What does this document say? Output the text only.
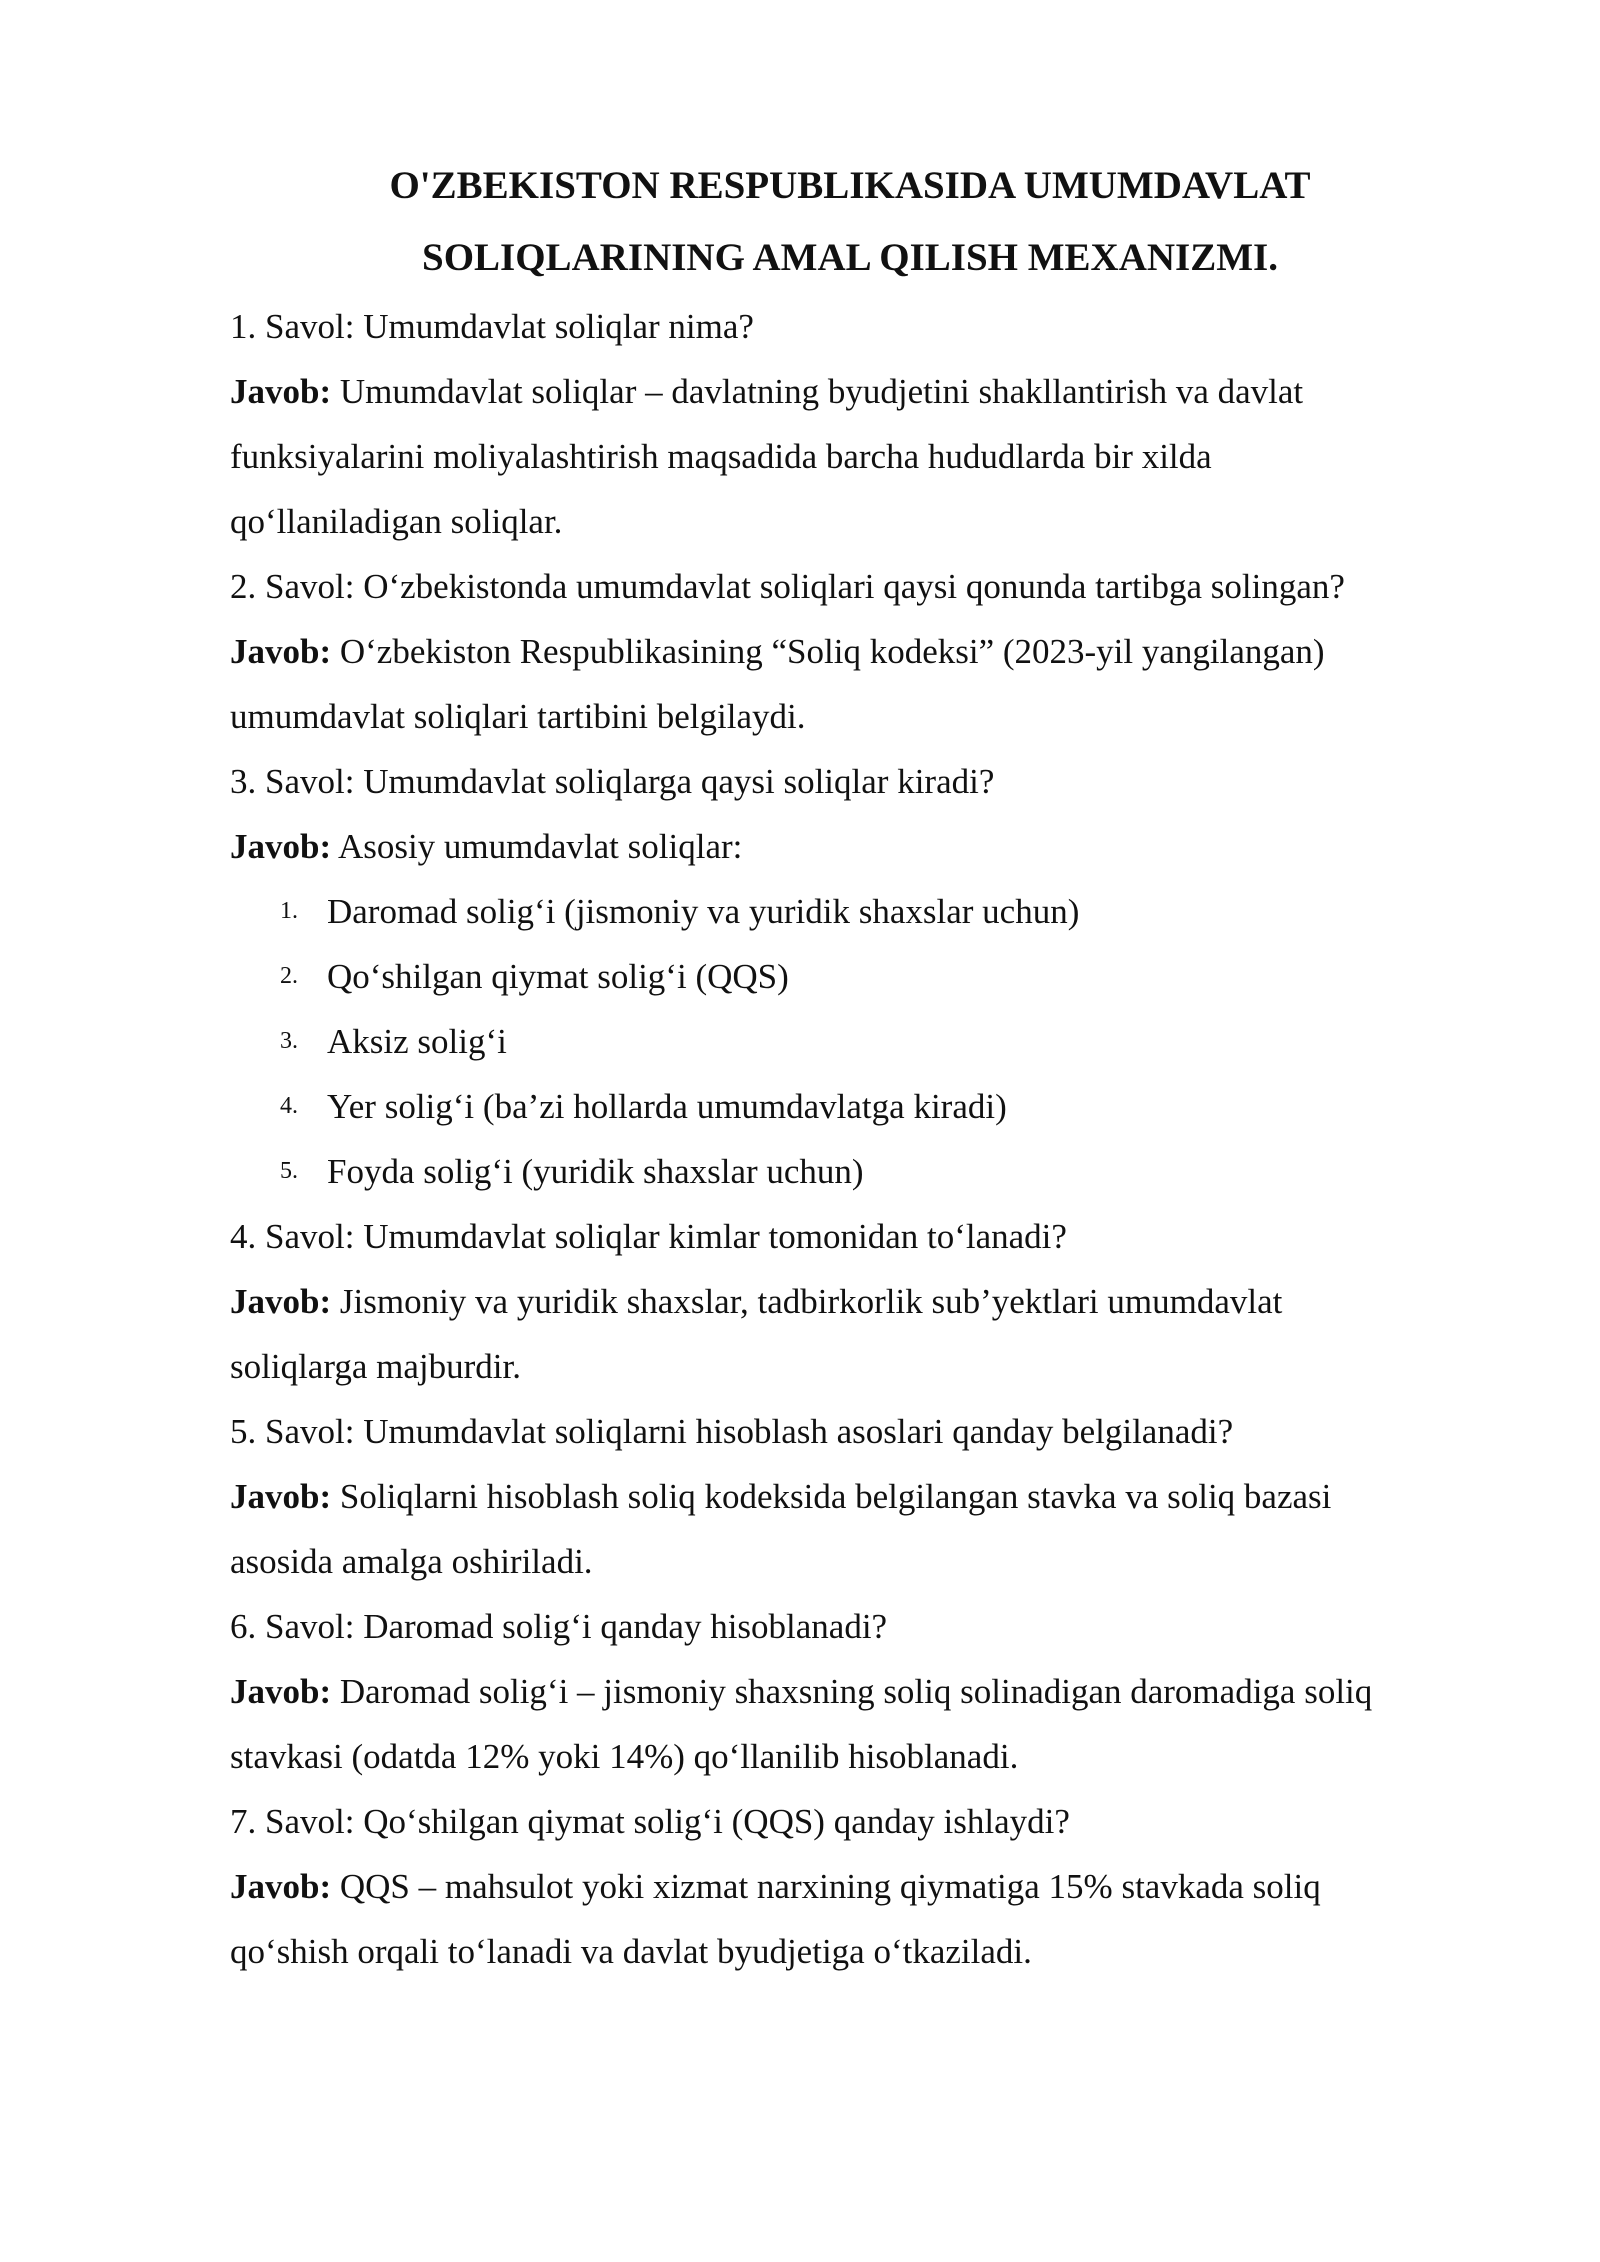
O'ZBEKISTON RESPUBLIKASIDA UMUMDAVLAT
SOLIQLARINING AMAL QILISH MEXANIZMI.
1. Savol: Umumdavlat soliqlar nima?
Javob: Umumdavlat soliqlar – davlatning byudjetini shakllantirish va davlat
funksiyalarini moliyalashtirish maqsadida barcha hududlarda bir xilda
qo‘llaniladigan soliqlar.
2. Savol: O‘zbekistonda umumdavlat soliqlari qaysi qonunda tartibga solingan?
Javob: O‘zbekiston Respublikasining “Soliq kodeksi” (2023-yil yangilangan)
umumdavlat soliqlari tartibini belgilaydi.
3. Savol: Umumdavlat soliqlarga qaysi soliqlar kiradi?
Javob: Asosiy umumdavlat soliqlar:
1. Daromad solig‘i (jismoniy va yuridik shaxslar uchun)
2. Qo‘shilgan qiymat solig‘i (QQS)
3. Aksiz solig‘i
4. Yer solig‘i (ba’zi hollarda umumdavlatga kiradi)
5. Foyda solig‘i (yuridik shaxslar uchun)
4. Savol: Umumdavlat soliqlar kimlar tomonidan to‘lanadi?
Javob: Jismoniy va yuridik shaxslar, tadbirkorlik sub’yektlari umumdavlat
soliqlarga majburdir.
5. Savol: Umumdavlat soliqlarni hisoblash asoslari qanday belgilanadi?
Javob: Soliqlarni hisoblash soliq kodeksida belgilangan stavka va soliq bazasi
asosida amalga oshiriladi.
6. Savol: Daromad solig‘i qanday hisoblanadi?
Javob: Daromad solig‘i – jismoniy shaxsning soliq solinadigan daromadiga soliq
stavkasi (odatda 12% yoki 14%) qo‘llanilib hisoblanadi.
7. Savol: Qo‘shilgan qiymat solig‘i (QQS) qanday ishlaydi?
Javob: QQS – mahsulot yoki xizmat narxining qiymatiga 15% stavkada soliq
qo‘shish orqali to‘lanadi va davlat byudjetiga o‘tkaziladi.
